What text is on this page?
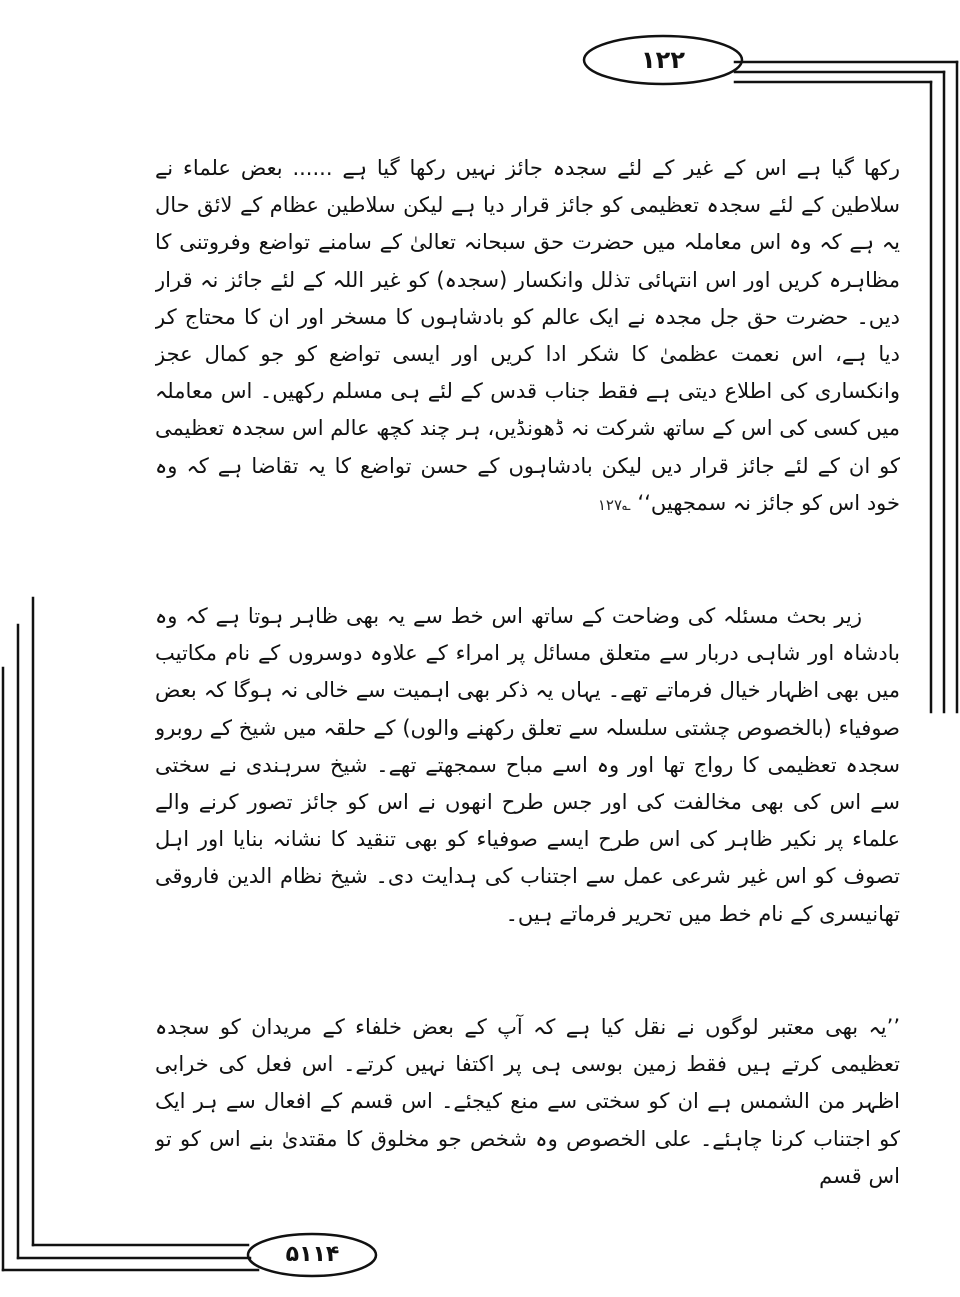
۱۲۲

رکھا گیا ہے اس کے غیر کے لئے سجدہ جائز نہیں رکھا گیا ہے ...... بعض علماء نے سلاطین کے لئے سجدہ تعظیمی کو جائز قرار دیا ہے لیکن سلاطین عظام کے لائق حال یہ ہے کہ وہ اس معاملہ میں حضرت حق سبحانہ تعالیٰ کے سامنے تواضع وفروتنی کا مظاہرہ کریں اور اس انتہائی تذلل وانکسار (سجدہ) کو غیر اللہ کے لئے جائز نہ قرار دیں۔ حضرت حق جل مجدہ نے ایک عالم کو بادشاہوں کا مسخر اور ان کا محتاج کر دیا ہے، اس نعمت عظمیٰ کا شکر ادا کریں اور ایسی تواضع کو جو کمال عجز وانکساری کی اطلاع دیتی ہے فقط جناب قدس کے لئے ہی مسلم رکھیں۔ اس معاملہ میں کسی کی اس کے ساتھ شرکت نہ ڈھونڈیں، ہر چند کچھ عالم اس سجدہ تعظیمی کو ان کے لئے جائز قرار دیں لیکن بادشاہوں کے حسن تواضع کا یہ تقاضا ہے کہ وہ خود اس کو جائز نہ سمجھیں‘‘ ؎۱۲۷

زیر بحث مسئلہ کی وضاحت کے ساتھ اس خط سے یہ بھی ظاہر ہوتا ہے کہ وہ بادشاہ اور شاہی دربار سے متعلق مسائل پر امراء کے علاوہ دوسروں کے نام مکاتیب میں بھی اظہار خیال فرماتے تھے۔ یہاں یہ ذکر بھی اہمیت سے خالی نہ ہوگا کہ بعض صوفیاء (بالخصوص چشتی سلسلہ سے تعلق رکھنے والوں) کے حلقہ میں شیخ کے روبرو سجدہ تعظیمی کا رواج تھا اور وہ اسے مباح سمجھتے تھے۔ شیخ سرہندی نے سختی سے اس کی بھی مخالفت کی اور جس طرح انھوں نے اس کو جائز تصور کرنے والے علماء پر نکیر ظاہر کی اس طرح ایسے صوفیاء کو بھی تنقید کا نشانہ بنایا اور اہل تصوف کو اس غیر شرعی عمل سے اجتناب کی ہدایت دی۔ شیخ نظام الدین فاروقی تھانیسری کے نام خط میں تحریر فرماتے ہیں۔

’’یہ بھی معتبر لوگوں نے نقل کیا ہے کہ آپ کے بعض خلفاء کے مریدان کو سجدہ تعظیمی کرتے ہیں فقط زمین بوسی ہی پر اکتفا نہیں کرتے۔ اس فعل کی خرابی اظہر من الشمس ہے ان کو سختی سے منع کیجئے۔ اس قسم کے افعال سے ہر ایک کو اجتناب کرنا چاہئے۔ علی الخصوص وہ شخص جو مخلوق کا مقتدیٰ بنے اس کو تو اس قسم

۵۱۱۴
